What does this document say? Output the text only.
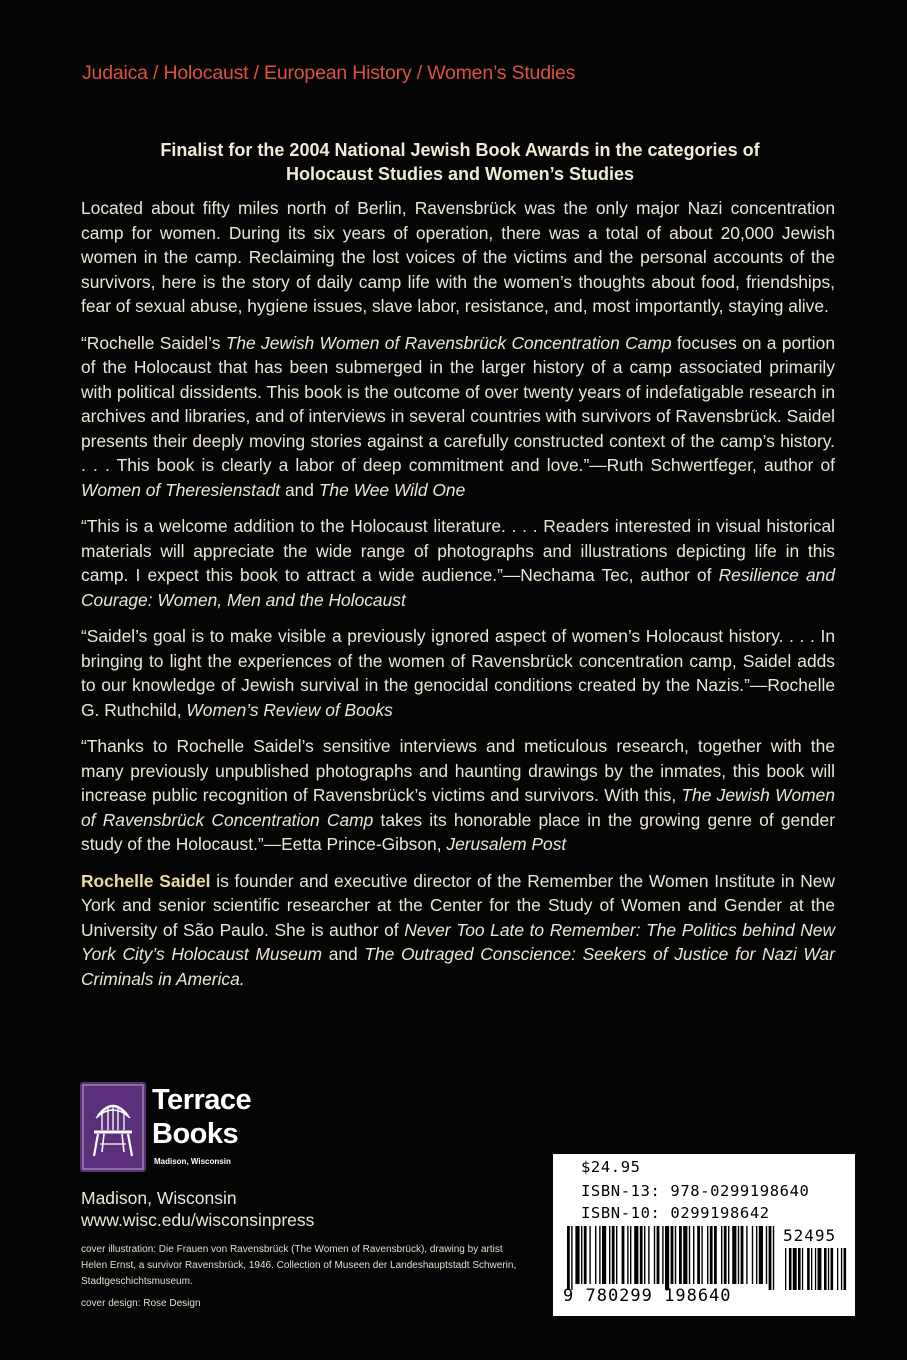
Judaica / Holocaust / European History / Women’s Studies
Finalist for the 2004 National Jewish Book Awards in the categories of
Holocaust Studies and Women’s Studies

Located about fifty miles north of Berlin, Ravensbrück was the only major Nazi concentration camp for women. During its six years of operation, there was a total of about 20,000 Jewish women in the camp. Reclaiming the lost voices of the victims and the personal accounts of the survivors, here is the story of daily camp life with the women’s thoughts about food, friendships, fear of sexual abuse, hygiene issues, slave labor, resistance, and, most importantly, staying alive.

“Rochelle Saidel’s The Jewish Women of Ravensbrück Concentration Camp focuses on a portion of the Holocaust that has been submerged in the larger history of a camp associated primarily with political dissidents. This book is the outcome of over twenty years of indefatigable research in archives and libraries, and of interviews in several countries with survivors of Ravensbrück. Saidel presents their deeply moving stories against a carefully constructed context of the camp’s history. . . . This book is clearly a labor of deep commitment and love.”—Ruth Schwertfeger, author of Women of Theresienstadt and The Wee Wild One

“This is a welcome addition to the Holocaust literature. . . . Readers interested in visual historical materials will appreciate the wide range of photographs and illustrations depicting life in this camp. I expect this book to attract a wide audience.”—Nechama Tec, author of Resilience and Courage: Women, Men and the Holocaust

“Saidel’s goal is to make visible a previously ignored aspect of women’s Holocaust history. . . . In bringing to light the experiences of the women of Ravensbrück concentration camp, Saidel adds to our knowledge of Jewish survival in the genocidal conditions created by the Nazis.”—Rochelle G. Ruthchild, Women’s Review of Books

“Thanks to Rochelle Saidel’s sensitive interviews and meticulous research, together with the many previously unpublished photographs and haunting drawings by the inmates, this book will increase public recognition of Ravensbrück’s victims and survivors. With this, The Jewish Women of Ravensbrück Concentration Camp takes its honorable place in the growing genre of gender study of the Holocaust.”—Eetta Prince-Gibson, Jerusalem Post

Rochelle Saidel is founder and executive director of the Remember the Women Institute in New York and senior scientific researcher at the Center for the Study of Women and Gender at the University of São Paulo. She is author of Never Too Late to Remember: The Politics behind New York City’s Holocaust Museum and The Outraged Conscience: Seekers of Justice for Nazi War Criminals in America.

Terrace
Books
Madison, Wisconsin
Madison, Wisconsin
www.wisc.edu/wisconsinpress

cover illustration: Die Frauen von Ravensbrück (The Women of Ravensbrück), drawing by artist Helen Ernst, a survivor Ravensbrück, 1946. Collection of Museen der Landeshauptstadt Schwerin, Stadtgeschichtsmuseum.

cover design: Rose Design

$24.95
ISBN-13: 978-0299198640
ISBN-10: 0299198642
52495
9 780299 198640
